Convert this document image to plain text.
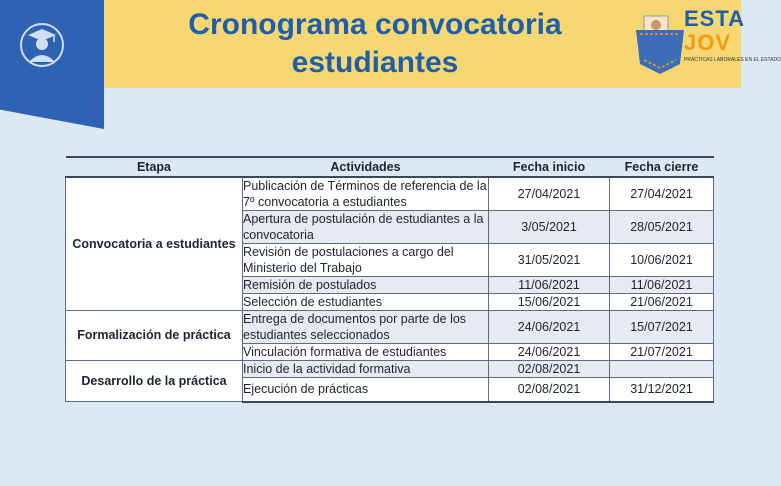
Cronograma convocatoria estudiantes
ESTA
JOV
PRÁCTICAS LABORALES EN EL ESTADO
Etapa	Actividades	Fecha inicio	Fecha cierre
Convocatoria a estudiantes	Publicación de Términos de referencia de la 7º convocatoria a estudiantes	27/04/2021	27/04/2021
	Apertura de postulación de estudiantes a la convocatoria	3/05/2021	28/05/2021
	Revisión de postulaciones a cargo del Ministerio del Trabajo	31/05/2021	10/06/2021
	Remisión de postulados	11/06/2021	11/06/2021
	Selección de estudiantes	15/06/2021	21/06/2021
Formalización de práctica	Entrega de documentos por parte de los estudiantes seleccionados	24/06/2021	15/07/2021
	Vinculación formativa de estudiantes	24/06/2021	21/07/2021
Desarrollo de la práctica	Inicio de la actividad formativa	02/08/2021	
	Ejecución de prácticas	02/08/2021	31/12/2021
